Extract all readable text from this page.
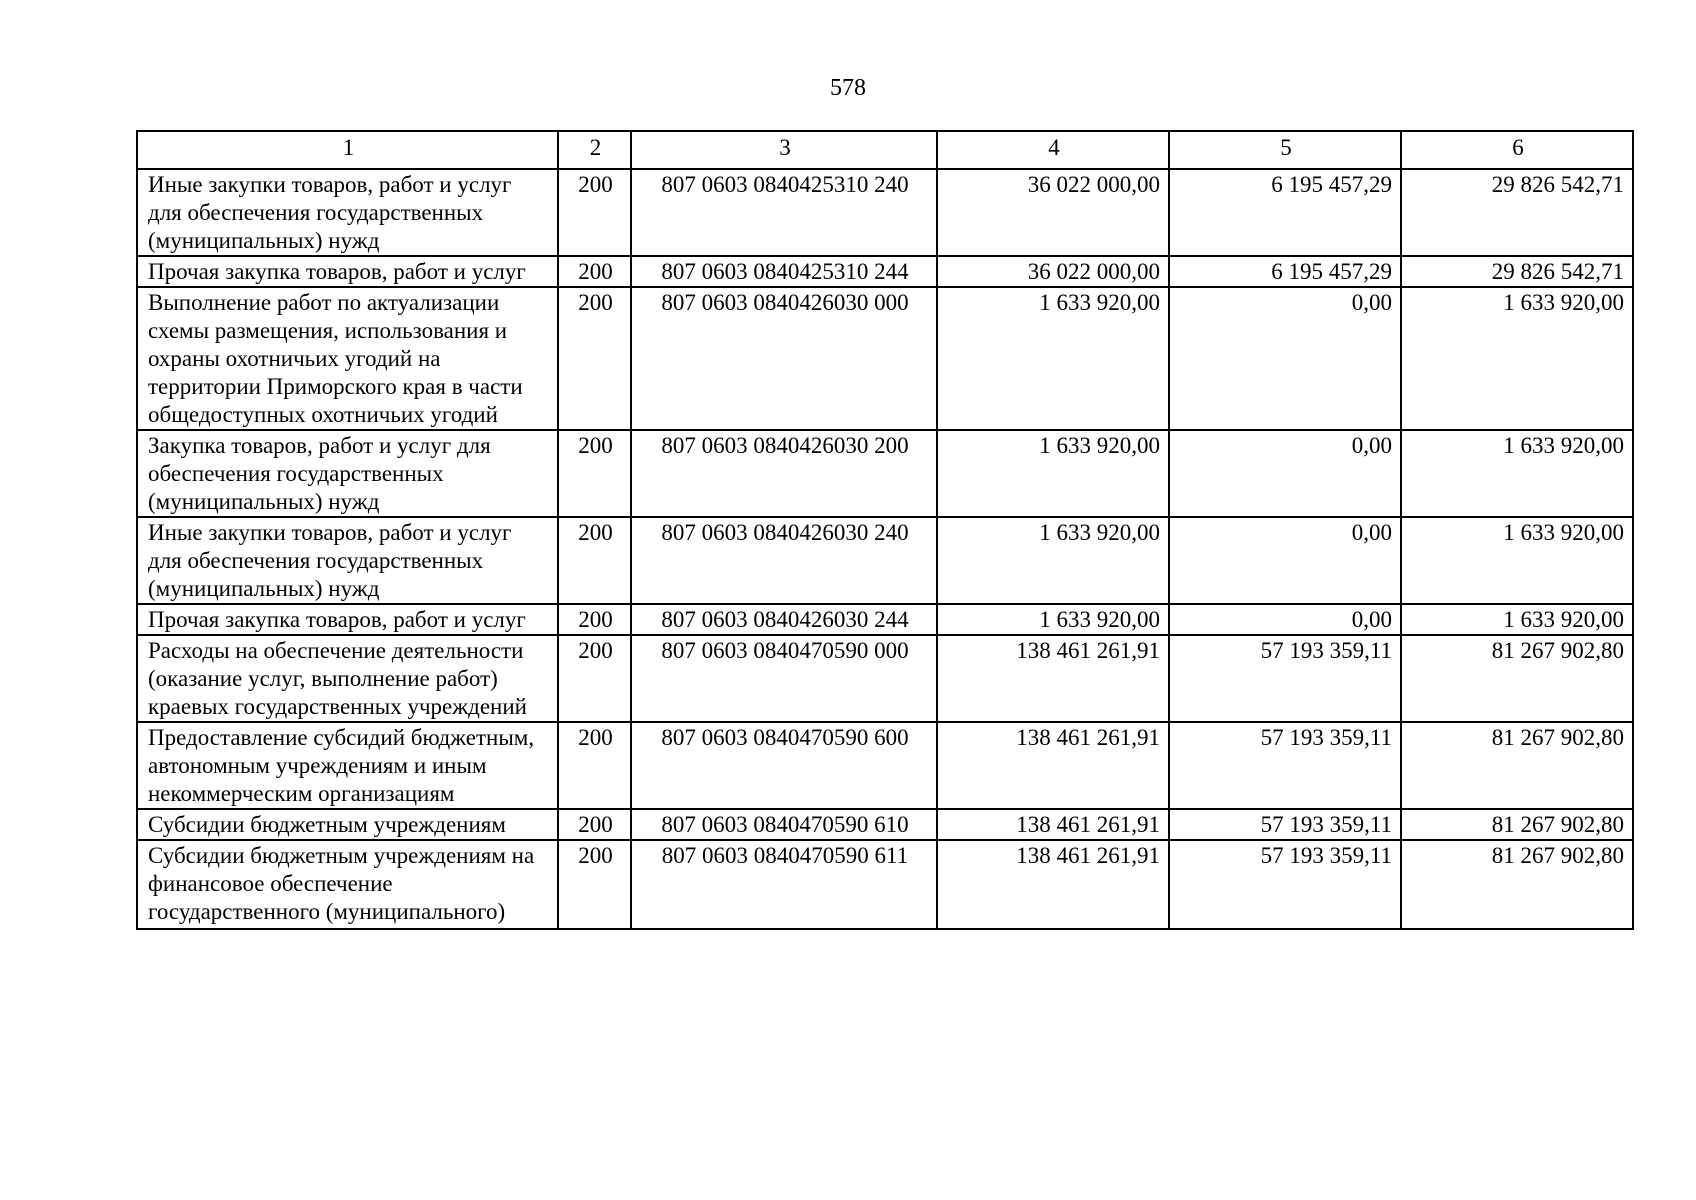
578
1	2	3	4	5	6
Иные закупки товаров, работ и услуг для обеспечения государственных (муниципальных) нужд	200	807 0603 0840425310 240	36 022 000,00	6 195 457,29	29 826 542,71
Прочая закупка товаров, работ и услуг	200	807 0603 0840425310 244	36 022 000,00	6 195 457,29	29 826 542,71
Выполнение работ по актуализации схемы размещения, использования и охраны охотничьих угодий на территории Приморского края в части общедоступных охотничьих угодий	200	807 0603 0840426030 000	1 633 920,00	0,00	1 633 920,00
Закупка товаров, работ и услуг для обеспечения государственных (муниципальных) нужд	200	807 0603 0840426030 200	1 633 920,00	0,00	1 633 920,00
Иные закупки товаров, работ и услуг для обеспечения государственных (муниципальных) нужд	200	807 0603 0840426030 240	1 633 920,00	0,00	1 633 920,00
Прочая закупка товаров, работ и услуг	200	807 0603 0840426030 244	1 633 920,00	0,00	1 633 920,00
Расходы на обеспечение деятельности (оказание услуг, выполнение работ) краевых государственных учреждений	200	807 0603 0840470590 000	138 461 261,91	57 193 359,11	81 267 902,80
Предоставление субсидий бюджетным, автономным учреждениям и иным некоммерческим организациям	200	807 0603 0840470590 600	138 461 261,91	57 193 359,11	81 267 902,80
Субсидии бюджетным учреждениям	200	807 0603 0840470590 610	138 461 261,91	57 193 359,11	81 267 902,80
Субсидии бюджетным учреждениям на финансовое обеспечение государственного (муниципального)	200	807 0603 0840470590 611	138 461 261,91	57 193 359,11	81 267 902,80
